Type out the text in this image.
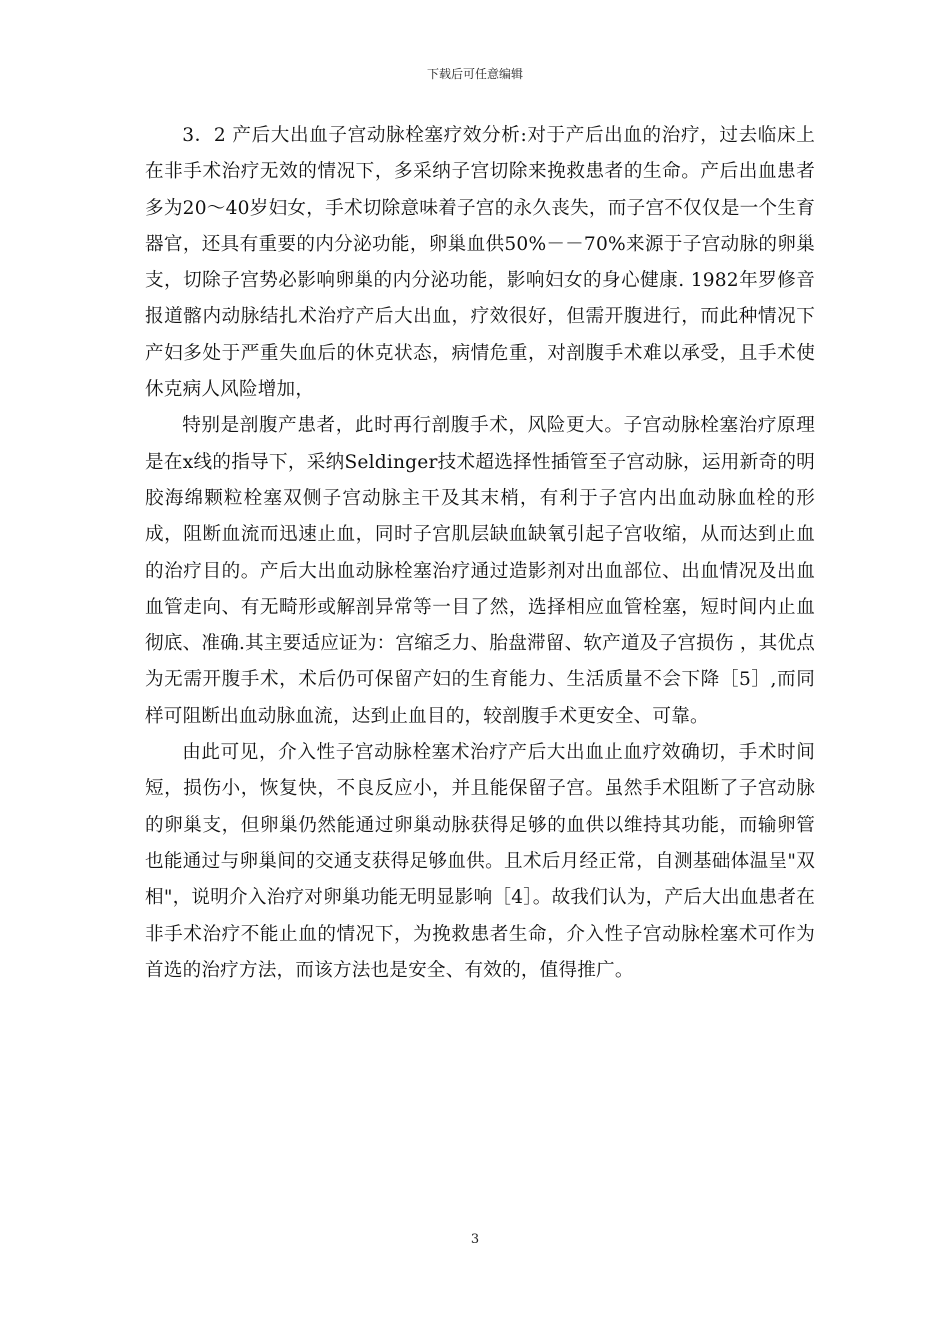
下载后可任意编辑

3．2 产后大出血子宫动脉栓塞疗效分析:对于产后出血的治疗，过去临床上在非手术治疗无效的情况下，多采纳子宫切除来挽救患者的生命。产后出血患者多为20～40岁妇女，手术切除意味着子宫的永久丧失，而子宫不仅仅是一个生育器官，还具有重要的内分泌功能，卵巢血供50%－－70%来源于子宫动脉的卵巢支，切除子宫势必影响卵巢的内分泌功能，影响妇女的身心健康. 1982年罗修音 报道髂内动脉结扎术治疗产后大出血，疗效很好，但需开腹进行，而此种情况下产妇多处于严重失血后的休克状态，病情危重，对剖腹手术难以承受，且手术使休克病人风险增加，

特别是剖腹产患者，此时再行剖腹手术，风险更大。子宫动脉栓塞治疗原理是在x线的指导下，采纳Seldinger技术超选择性插管至子宫动脉，运用新奇的明胶海绵颗粒栓塞双侧子宫动脉主干及其末梢，有利于子宫内出血动脉血栓的形成，阻断血流而迅速止血，同时子宫肌层缺血缺氧引起子宫收缩，从而达到止血的治疗目的。产后大出血动脉栓塞治疗通过造影剂对出血部位、出血情况及出血血管走向、有无畸形或解剖异常等一目了然，选择相应血管栓塞，短时间内止血彻底、准确.其主要适应证为：宫缩乏力、胎盘滞留、软产道及子宫损伤 ，其优点为无需开腹手术，术后仍可保留产妇的生育能力、生活质量不会下降［5］,而同样可阻断出血动脉血流，达到止血目的，较剖腹手术更安全、可靠。

由此可见，介入性子宫动脉栓塞术治疗产后大出血止血疗效确切，手术时间短，损伤小，恢复快，不良反应小，并且能保留子宫。虽然手术阻断了子宫动脉的卵巢支，但卵巢仍然能通过卵巢动脉获得足够的血供以维持其功能，而输卵管也能通过与卵巢间的交通支获得足够血供。且术后月经正常，自测基础体温呈"双相"，说明介入治疗对卵巢功能无明显影响［4］。故我们认为，产后大出血患者在非手术治疗不能止血的情况下，为挽救患者生命，介入性子宫动脉栓塞术可作为首选的治疗方法，而该方法也是安全、有效的，值得推广。

3
